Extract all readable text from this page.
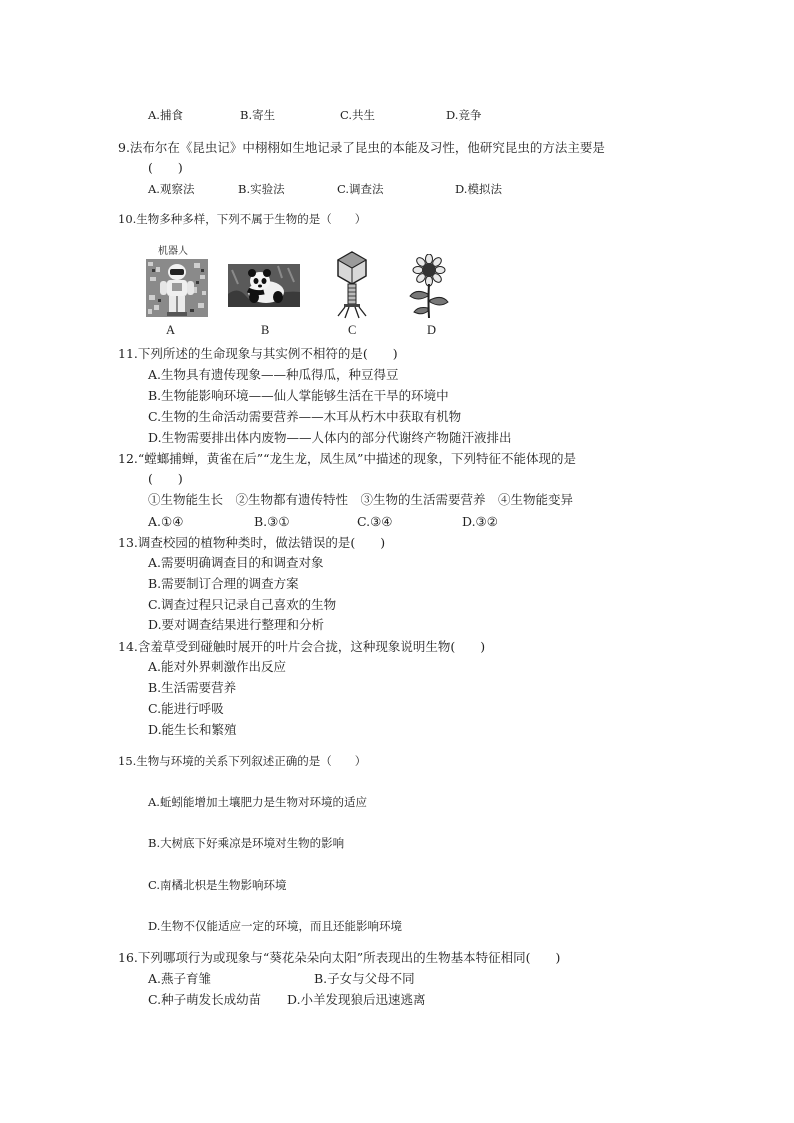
A.捕食	B.寄生	C.共生	D.竞争
9.法布尔在《昆虫记》中栩栩如生地记录了昆虫的本能及习性，他研究昆虫的方法主要是
(　　)
A.观察法	B.实验法	C.调查法	D.模拟法
10.生物多种多样，下列不属于生物的是（　　）
机器人
A	B	C	D
11.下列所述的生命现象与其实例不相符的是(　　)
A.生物具有遗传现象——种瓜得瓜，种豆得豆
B.生物能影响环境——仙人掌能够生活在干旱的环境中
C.生物的生命活动需要营养——木耳从朽木中获取有机物
D.生物需要排出体内废物——人体内的部分代谢终产物随汗液排出
12.“螳螂捕蝉，黄雀在后”“龙生龙，凤生凤”中描述的现象，下列特征不能体现的是
(　　)
①生物能生长　②生物都有遗传特性　③生物的生活需要营养　④生物能变异
A.①④	B.③①	C.③④	D.③②
13.调查校园的植物种类时，做法错误的是(　　)
A.需要明确调查目的和调查对象
B.需要制订合理的调查方案
C.调查过程只记录自己喜欢的生物
D.要对调查结果进行整理和分析
14.含羞草受到碰触时展开的叶片会合拢，这种现象说明生物(　　)
A.能对外界刺激作出反应
B.生活需要营养
C.能进行呼吸
D.能生长和繁殖
15.生物与环境的关系下列叙述正确的是（　　）
A.蚯蚓能增加土壤肥力是生物对环境的适应
B.大树底下好乘凉是环境对生物的影响
C.南橘北枳是生物影响环境
D.生物不仅能适应一定的环境，而且还能影响环境
16.下列哪项行为或现象与“葵花朵朵向太阳”所表现出的生物基本特征相同(　　)
A.燕子育雏	B.子女与父母不同
C.种子萌发长成幼苗 D.小羊发现狼后迅速逃离
